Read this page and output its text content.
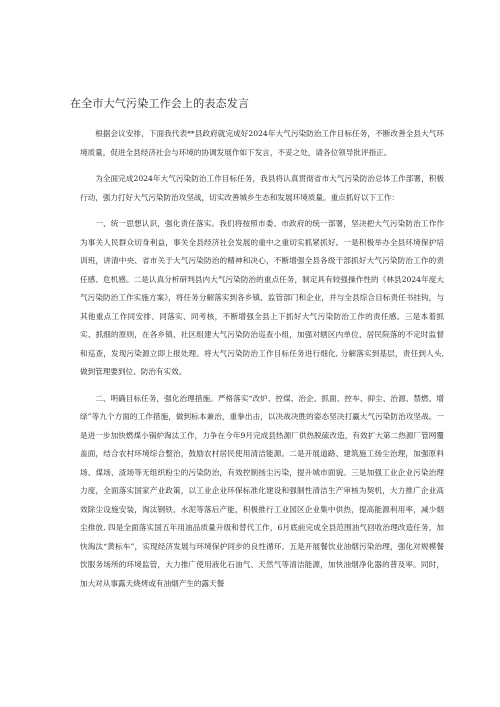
在全市大气污染工作会上的表态发言

根据会议安排，下面我代表**县政府就完成好2024年大气污染防治工作目标任务，不断改善全县大气环境质量，促进全县经济社会与环境的协调发展作如下发言，不妥之处，请各位领导批评指正。

为全面完成2024年大气污染防治工作目标任务，我县将认真贯彻省市大气污染防治总体工作部署，积极行动，强力打好大气污染防治攻坚战，切实改善城乡生态和发展环境质量。重点抓好以下工作：

一、统一思想认识，强化责任落实。我们将按照市委、市政府的统一部署，坚决把大气污染防治工作作为事关人民群众切身利益，事关全县经济社会发展的重中之重切实抓紧抓好。一是积极举办全县环境保护培训班，讲清中央、省市关于大气污染防治的精神和决心，不断增强全县各级干部抓好大气污染防治工作的责任感、危机感。二是认真分析研判县内大气污染防治的重点任务，制定具有较强操作性的《林县2024年度大气污染防治工作实施方案》，将任务分解落实到各乡镇、监管部门和企业，并与全县综合目标责任书挂钩，与其他重点工作同安排、同落实、同考核，不断增强全县上下抓好大气污染防治工作的责任感。三是本着抓实、抓细的原则，在各乡镇、社区组建大气污染防治巡查小组，加强对辖区内单位、居民院落的不定时监督和巡查，发现污染源立即上报处理。将大气污染防治工作目标任务进行细化, 分解落实到基层，责任到人头, 做到管理要到位、防治有实效。

二、明确目标任务，强化治理措施。严格落实“改炉、控煤、治企、抓面、控车、抑尘、治源、禁燃、增绿”等九个方面的工作措施，做到标本兼治，重拳出击，以决战决胜的姿态坚决打赢大气污染防治攻坚战。一是进一步加快燃煤小锅炉淘汰工作，力争在今年9月完成县热源厂供热脱硫改造，有效扩大第二热源厂管网覆盖面，结合农村环境综合整治，鼓励农村居民使用清洁能源。二是开展道路、建筑施工扬尘治理，加强原料场、煤场、渣场等无组织粉尘的污染防治，有效控制扬尘污染，提升城市面貌。三是加强工业企业污染治理力度，全面落实国家产业政策，以工业企业环保标准化建设和强制性清洁生产审核为契机，大力推广企业高效除尘设施安装，淘汰钢铁、水泥等落后产能，积极推行工业园区企业集中供热，提高能源利用率，减少烟尘排放, 四是全面落实国五年用油品质量升级和替代工作，6月底前完成全县范围油气回收治理改造任务，加快淘汰“黄标车”，实现经济发展与环境保护同步的良性循环。五是开展餐饮业油烟污染治理，强化对规模餐饮服务场所的环境监管，大力推广使用液化石油气、天然气等清洁能源，加快油烟净化器的普及率。同时，加大对从事露天烧烤或有油烟产生的露天餐
